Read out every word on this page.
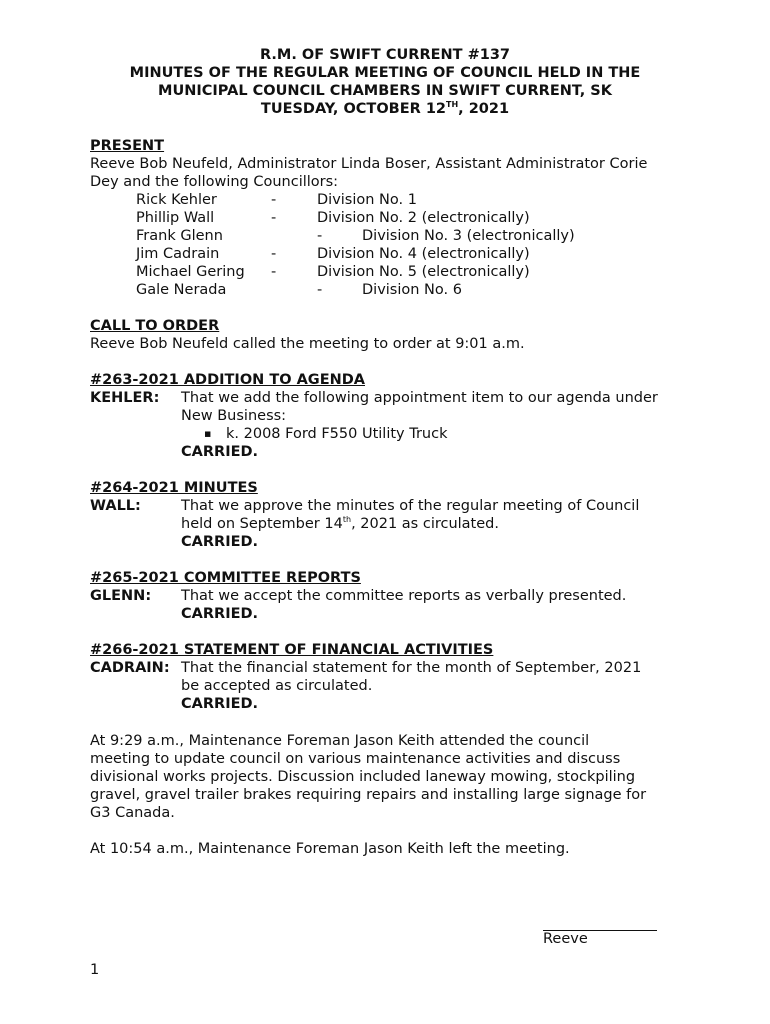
R.M. OF SWIFT CURRENT #137
MINUTES OF THE REGULAR MEETING OF COUNCIL HELD IN THE
MUNICIPAL COUNCIL CHAMBERS IN SWIFT CURRENT, SK
TUESDAY, OCTOBER 12TH, 2021
PRESENT
Reeve Bob Neufeld, Administrator Linda Boser, Assistant Administrator Corie
Dey and the following Councillors:
Rick Kehler	-	Division No. 1
Phillip Wall	-	Division No. 2 (electronically)
Frank Glenn	-	Division No. 3 (electronically)
Jim Cadrain	-	Division No. 4 (electronically)
Michael Gering -	Division No. 5 (electronically)
Gale Nerada	-	Division No. 6
CALL TO ORDER
Reeve Bob Neufeld called the meeting to order at 9:01 a.m.
#263-2021 ADDITION TO AGENDA
KEHLER: That we add the following appointment item to our agenda under
New Business:
▪ k. 2008 Ford F550 Utility Truck
CARRIED.
#264-2021 MINUTES
WALL:	That we approve the minutes of the regular meeting of Council
held on September 14th, 2021 as circulated.
CARRIED.
#265-2021 COMMITTEE REPORTS
GLENN: That we accept the committee reports as verbally presented.
CARRIED.
#266-2021 STATEMENT OF FINANCIAL ACTIVITIES
CADRAIN: That the financial statement for the month of September, 2021
be accepted as circulated.
CARRIED.
At 9:29 a.m., Maintenance Foreman Jason Keith attended the council
meeting to update council on various maintenance activities and discuss
divisional works projects. Discussion included laneway mowing, stockpiling
gravel, gravel trailer brakes requiring repairs and installing large signage for
G3 Canada.
At 10:54 a.m., Maintenance Foreman Jason Keith left the meeting.
Reeve
1
